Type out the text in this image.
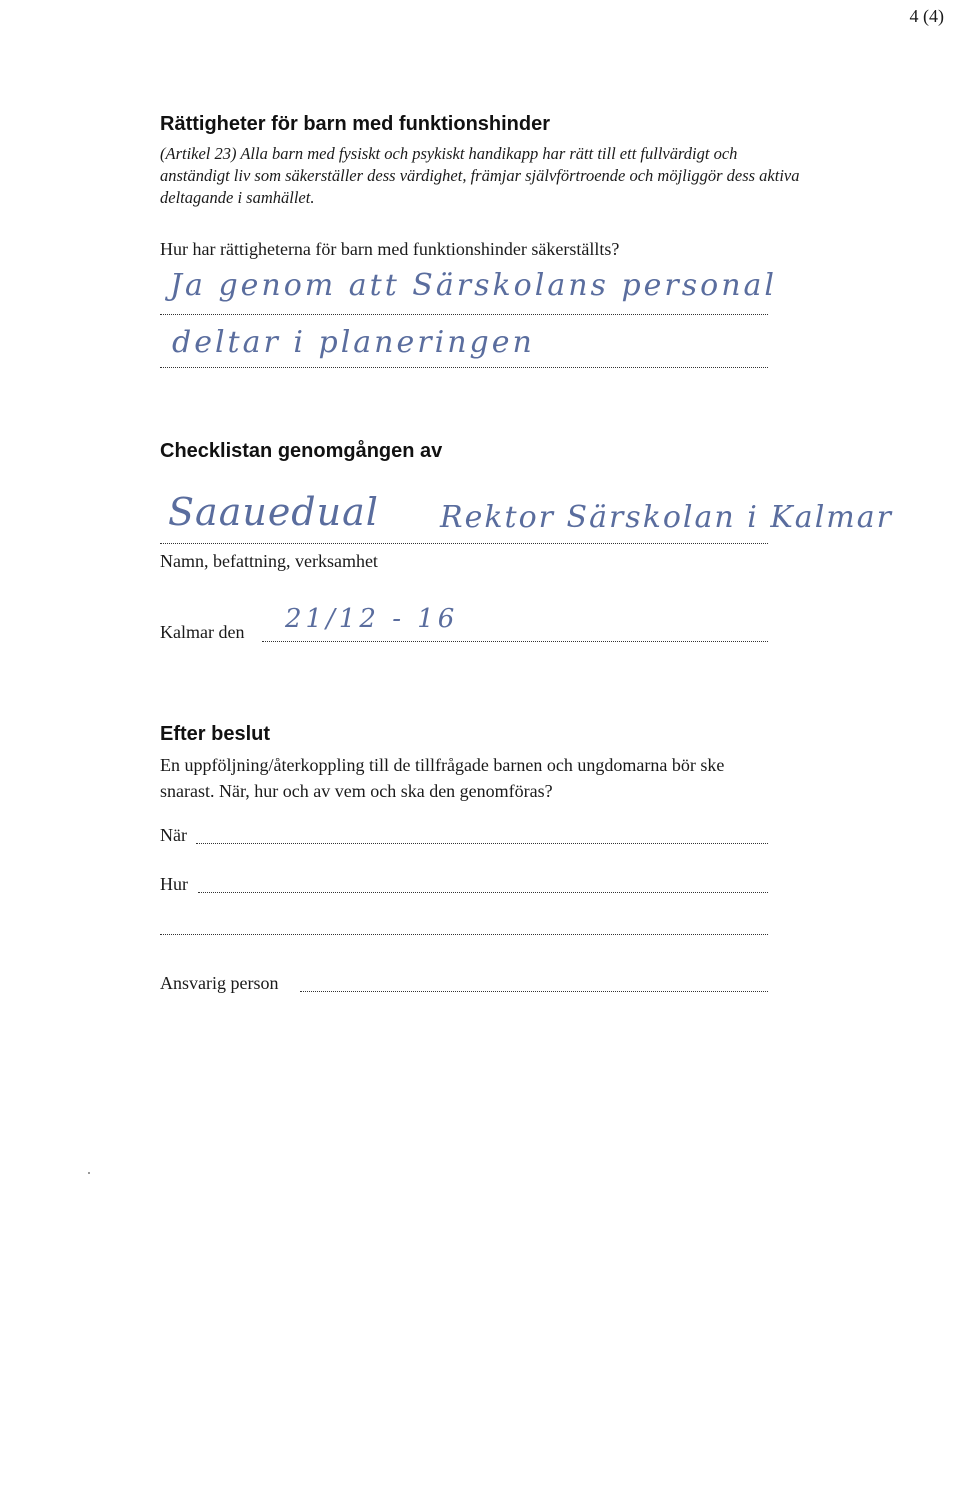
4 (4)
Rättigheter för barn med funktionshinder
(Artikel 23) Alla barn med fysiskt och psykiskt handikapp har rätt till ett fullvärdigt och
anständigt liv som säkerställer dess värdighet, främjar självförtroende och möjliggör dess aktiva
deltagande i samhället.
Hur har rättigheterna för barn med funktionshinder säkerställts?
Ja genom att Särskolans personal
deltar i planeringen
Checklistan genomgången av
Saauedual Rektor Särskolan i Kalmar
Namn, befattning, verksamhet
Kalmar den 21/12 - 16
Efter beslut
En uppföljning/återkoppling till de tillfrågade barnen och ungdomarna bör ske
snarast. När, hur och av vem och ska den genomföras?
När
Hur
Ansvarig person
